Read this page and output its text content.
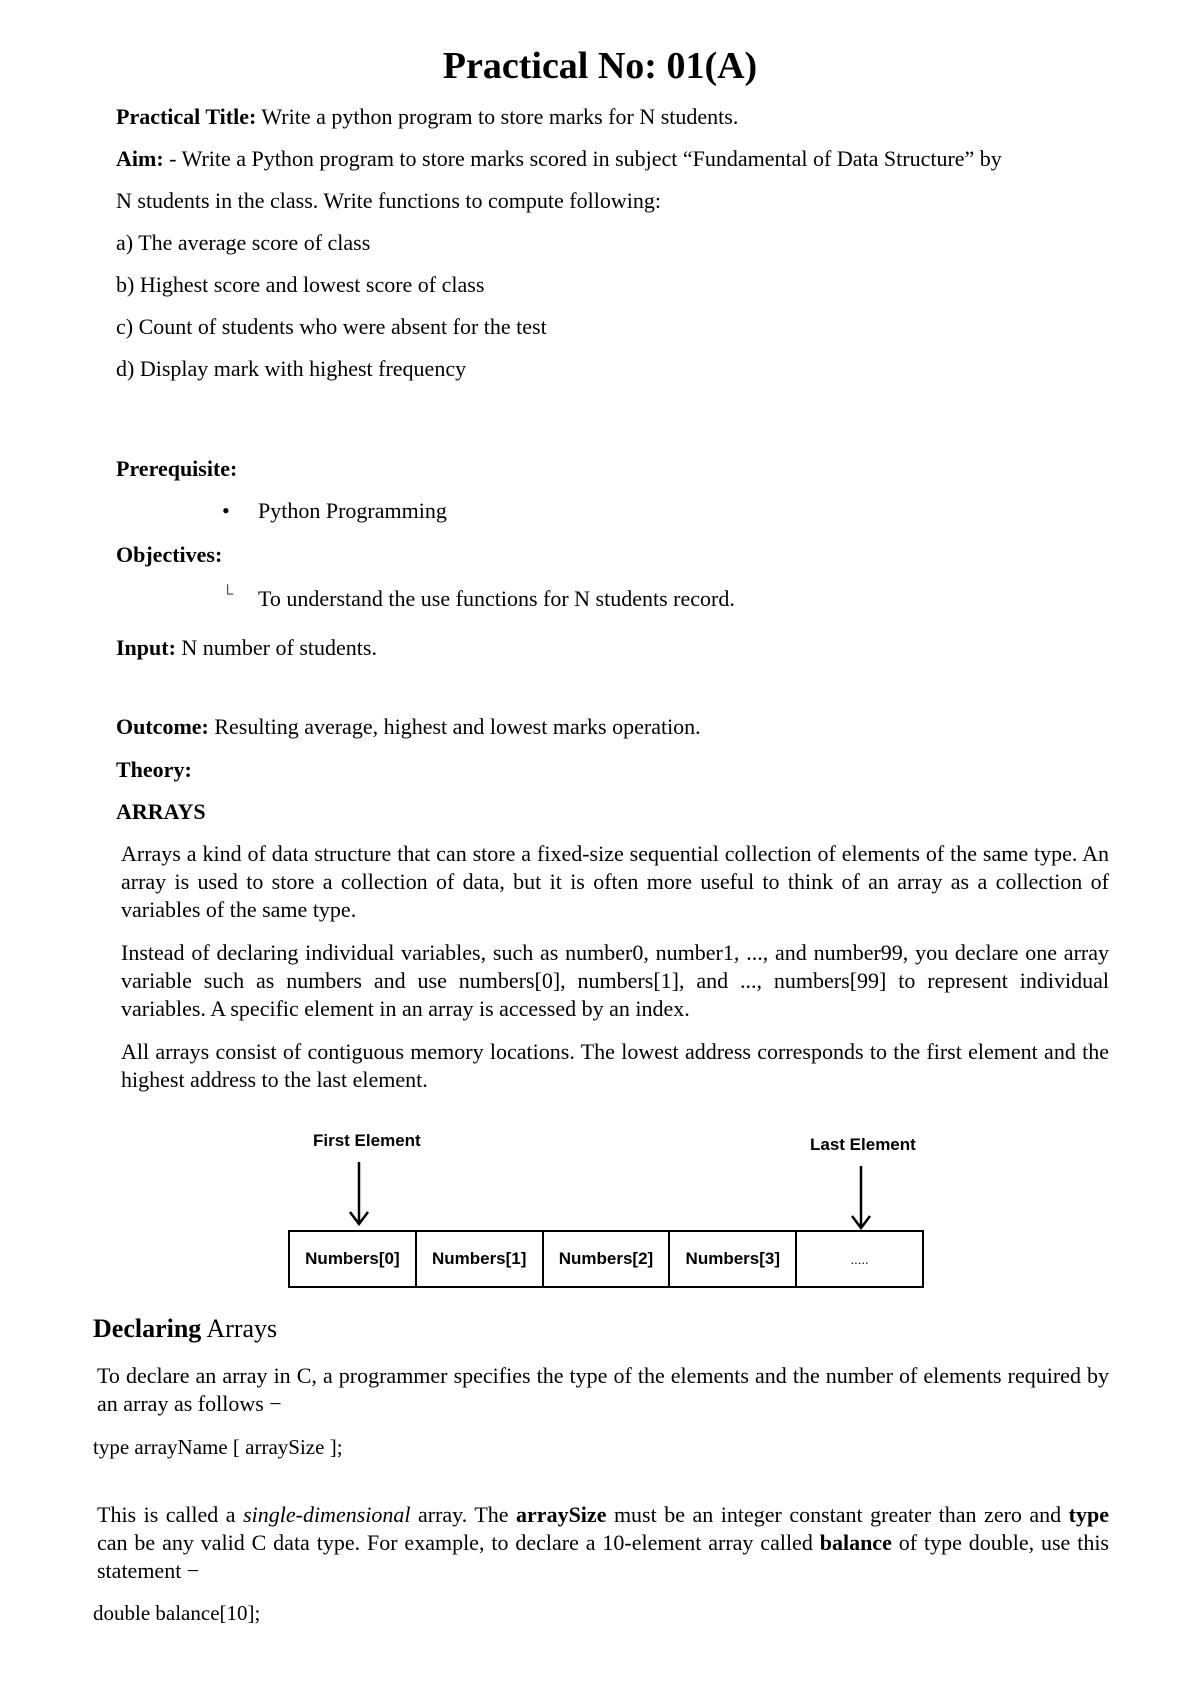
Practical No: 01(A)
Practical Title: Write a python program to store marks for N students.
Aim: - Write a Python program to store marks scored in subject “Fundamental of Data Structure” by
N students in the class. Write functions to compute following:
a) The average score of class
b) Highest score and lowest score of class
c) Count of students who were absent for the test
d) Display mark with highest frequency
Prerequisite:
• Python Programming
Objectives:
└ To understand the use functions for N students record.
Input: N number of students.
Outcome: Resulting average, highest and lowest marks operation.
Theory:
ARRAYS
Arrays a kind of data structure that can store a fixed-size sequential collection of elements of the same type. An array is used to store a collection of data, but it is often more useful to think of an array as a collection of variables of the same type.
Instead of declaring individual variables, such as number0, number1, ..., and number99, you declare one array variable such as numbers and use numbers[0], numbers[1], and ..., numbers[99] to represent individual variables. A specific element in an array is accessed by an index.
All arrays consist of contiguous memory locations. The lowest address corresponds to the first element and the highest address to the last element.
First Element	Last Element
Numbers[0]	Numbers[1]	Numbers[2]	Numbers[3]	.....
Declaring Arrays
To declare an array in C, a programmer specifies the type of the elements and the number of elements required by an array as follows −
type arrayName [ arraySize ];
This is called a single-dimensional array. The arraySize must be an integer constant greater than zero and type can be any valid C data type. For example, to declare a 10-element array called balance of type double, use this statement −
double balance[10];
